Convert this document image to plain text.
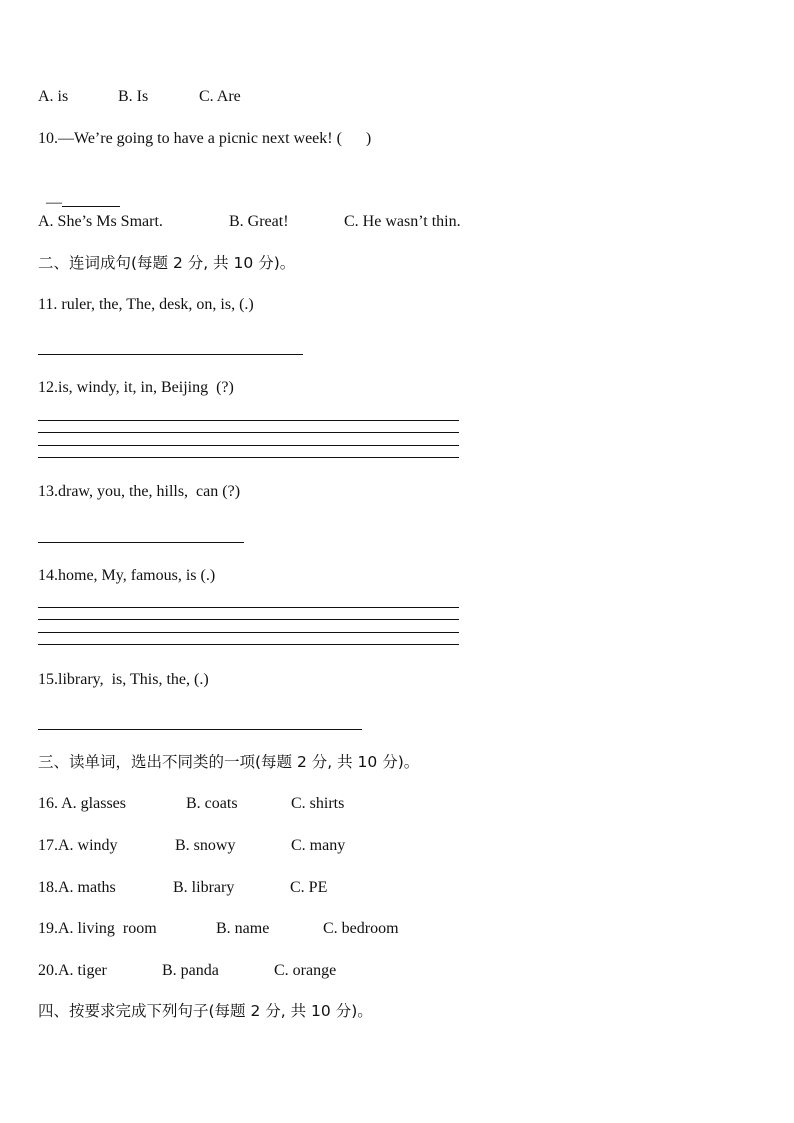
A. is	B. Is	C. Are
10.—We’re going to have a picnic next week! (      )

—

A. She’s Ms Smart.	B. Great!	C. He wasn’t thin.
二、连词成句(每题 2 分, 共 10 分)。
11. ruler, the, The, desk, on, is, (.)
12.is, windy, it, in, Beijing  (?)
13.draw, you, the, hills,  can (?)
14.home, My, famous, is (.)
15.library,  is, This, the, (.)
三、读单词，选出不同类的一项(每题 2 分, 共 10 分)。
16. A. glasses	B. coats	C. shirts
17.A. windy	B. snowy	C. many
18.A. maths	B. library	C. PE
19.A. living  room	B. name	C. bedroom
20.A. tiger	B. panda	C. orange
四、按要求完成下列句子(每题 2 分, 共 10 分)。
